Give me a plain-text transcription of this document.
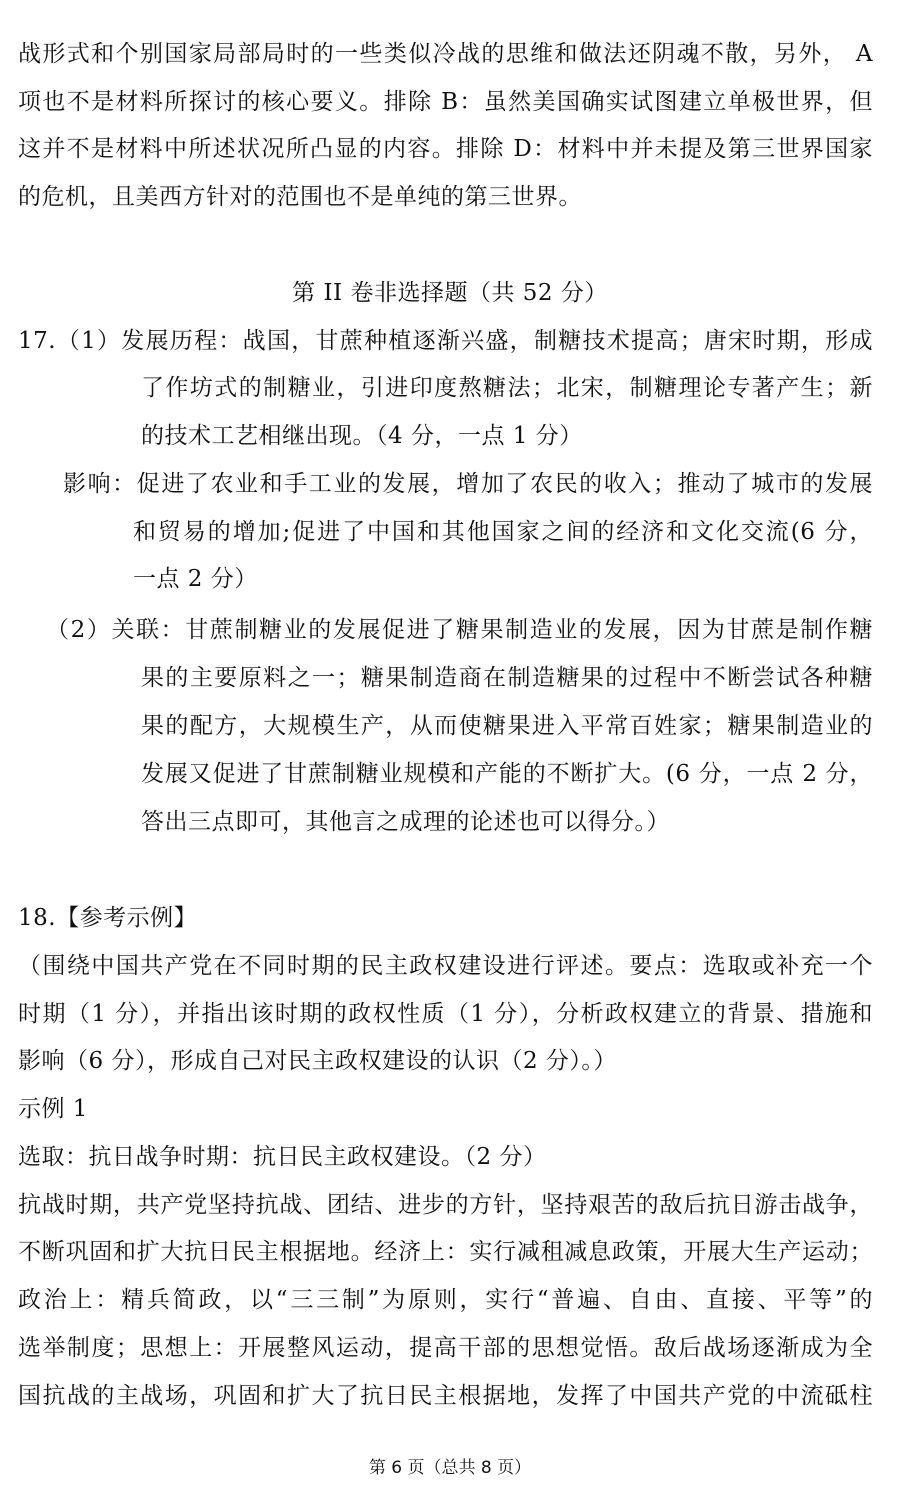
战形式和个别国家局部局时的一些类似冷战的思维和做法还阴魂不散，另外， A
项也不是材料所探讨的核心要义。排除 B：虽然美国确实试图建立单极世界，但
这并不是材料中所述状况所凸显的内容。排除 D：材料中并未提及第三世界国家
的危机，且美西方针对的范围也不是单纯的第三世界。
第 II 卷非选择题（共 52 分）
17.（1）发展历程：战国，甘蔗种植逐渐兴盛，制糖技术提高；唐宋时期，形成
了作坊式的制糖业，引进印度熬糖法；北宋，制糖理论专著产生；新
的技术工艺相继出现。（4 分，一点 1 分）
影响：促进了农业和手工业的发展，增加了农民的收入；推动了城市的发展
和贸易的增加;促进了中国和其他国家之间的经济和文化交流(6 分，
一点 2 分）
（2）关联：甘蔗制糖业的发展促进了糖果制造业的发展，因为甘蔗是制作糖
果的主要原料之一；糖果制造商在制造糖果的过程中不断尝试各种糖
果的配方，大规模生产，从而使糖果进入平常百姓家；糖果制造业的
发展又促进了甘蔗制糖业规模和产能的不断扩大。(6 分，一点 2 分，
答出三点即可，其他言之成理的论述也可以得分。）
18.【参考示例】
（围绕中国共产党在不同时期的民主政权建设进行评述。要点：选取或补充一个
时期（1 分），并指出该时期的政权性质（1 分），分析政权建立的背景、措施和
影响（6 分），形成自己对民主政权建设的认识（2 分）。）
示例 1
选取：抗日战争时期：抗日民主政权建设。（2 分）
抗战时期，共产党坚持抗战、团结、进步的方针，坚持艰苦的敌后抗日游击战争，
不断巩固和扩大抗日民主根据地。经济上：实行减租减息政策，开展大生产运动；
政治上：精兵简政，以“三三制”为原则，实行“普遍、自由、直接、平等”的
选举制度；思想上：开展整风运动，提高干部的思想觉悟。敌后战场逐渐成为全
国抗战的主战场，巩固和扩大了抗日民主根据地，发挥了中国共产党的中流砥柱
第 6 页（总共 8 页）
